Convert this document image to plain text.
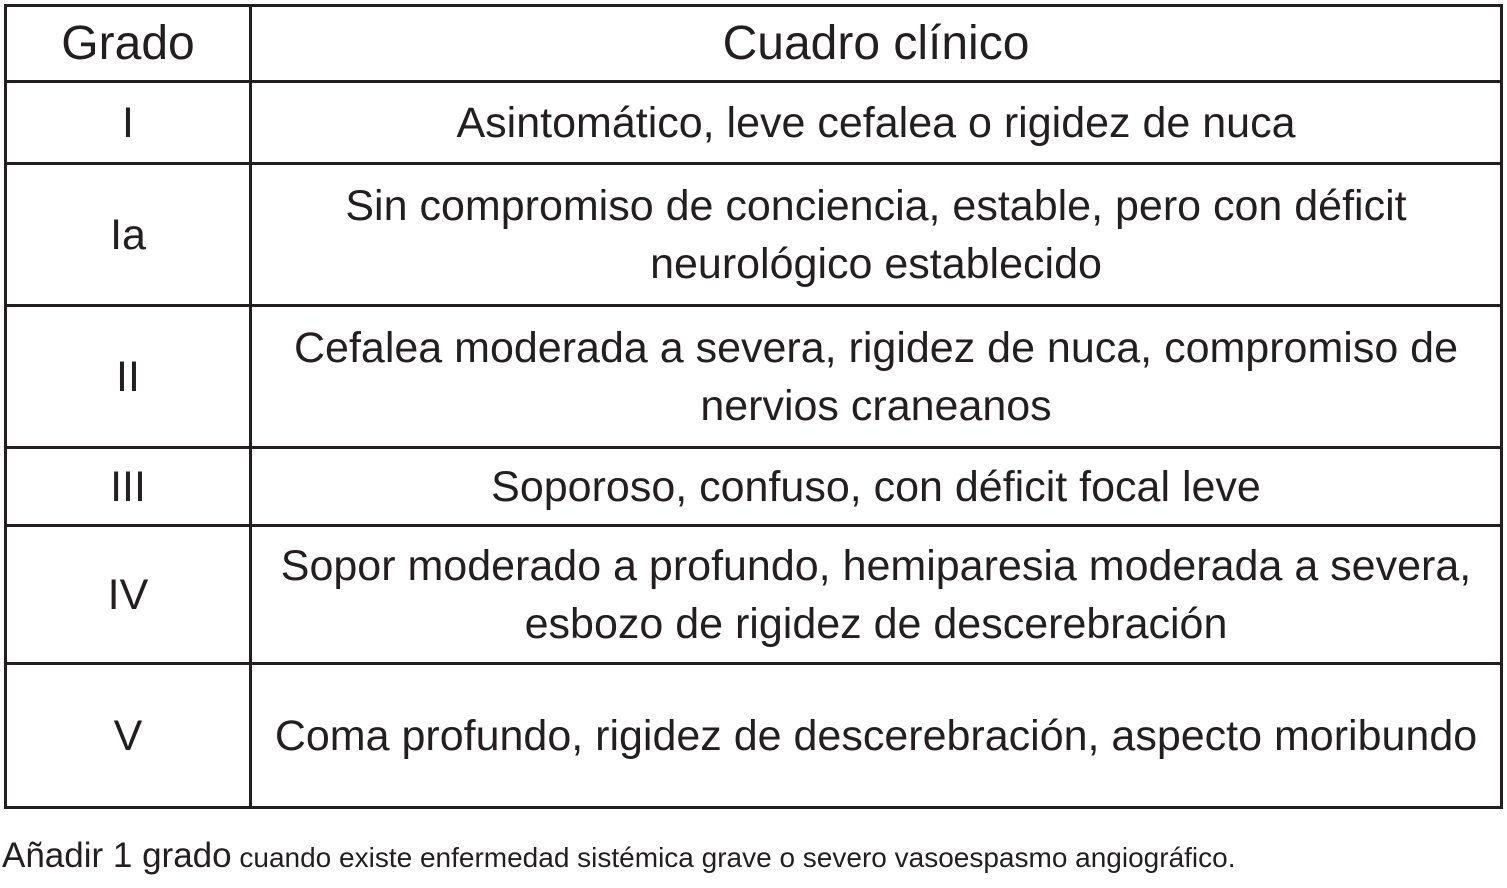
Grado	Cuadro clínico
I	Asintomático, leve cefalea o rigidez de nuca
Ia	Sin compromiso de conciencia, estable, pero con déficit neurológico establecido
II	Cefalea moderada a severa, rigidez de nuca, compromiso de nervios craneanos
III	Soporoso, confuso, con déficit focal leve
IV	Sopor moderado a profundo, hemiparesia moderada a severa, esbozo de rigidez de descerebración
V	Coma profundo, rigidez de descerebración, aspecto moribundo
Añadir 1 grado cuando existe enfermedad sistémica grave o severo vasoespasmo angiográfico.
